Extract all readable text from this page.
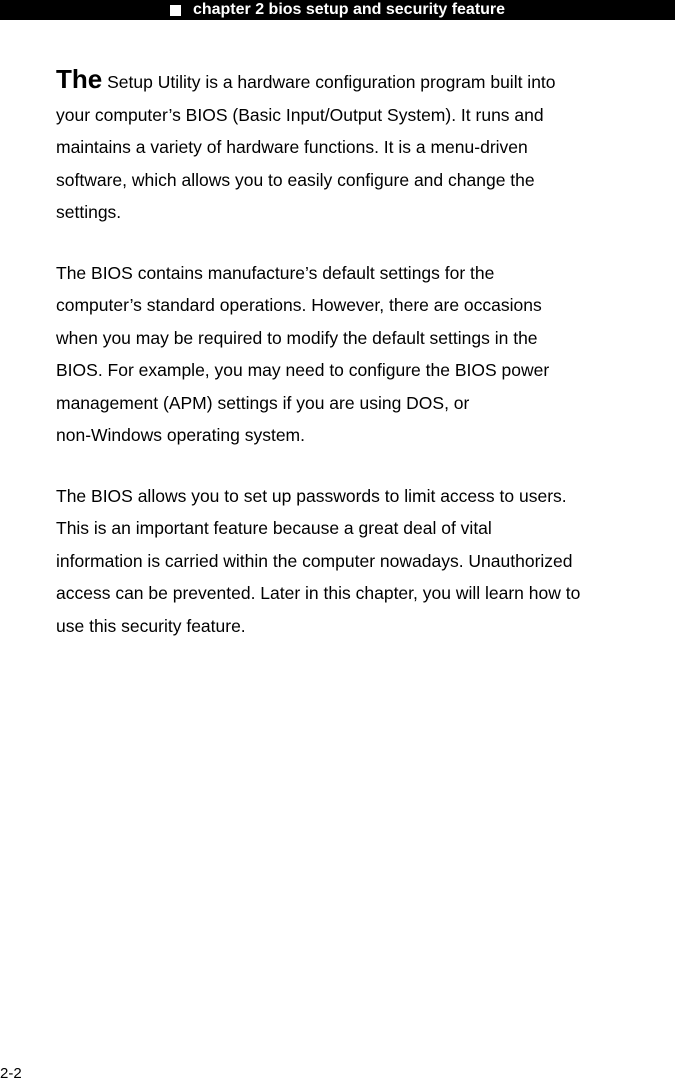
chapter 2 bios setup and security feature

The Setup Utility is a hardware configuration program built into
your computer’s BIOS (Basic Input/Output System). It runs and
maintains a variety of hardware functions. It is a menu-driven
software, which allows you to easily configure and change the
settings.

The BIOS contains manufacture’s default settings for the
computer’s standard operations. However, there are occasions
when you may be required to modify the default settings in the
BIOS. For example, you may need to configure the BIOS power
management (APM) settings if you are using DOS, or
non-Windows operating system.

The BIOS allows you to set up passwords to limit access to users.
This is an important feature because a great deal of vital
information is carried within the computer nowadays. Unauthorized
access can be prevented. Later in this chapter, you will learn how to
use this security feature.

2-2
